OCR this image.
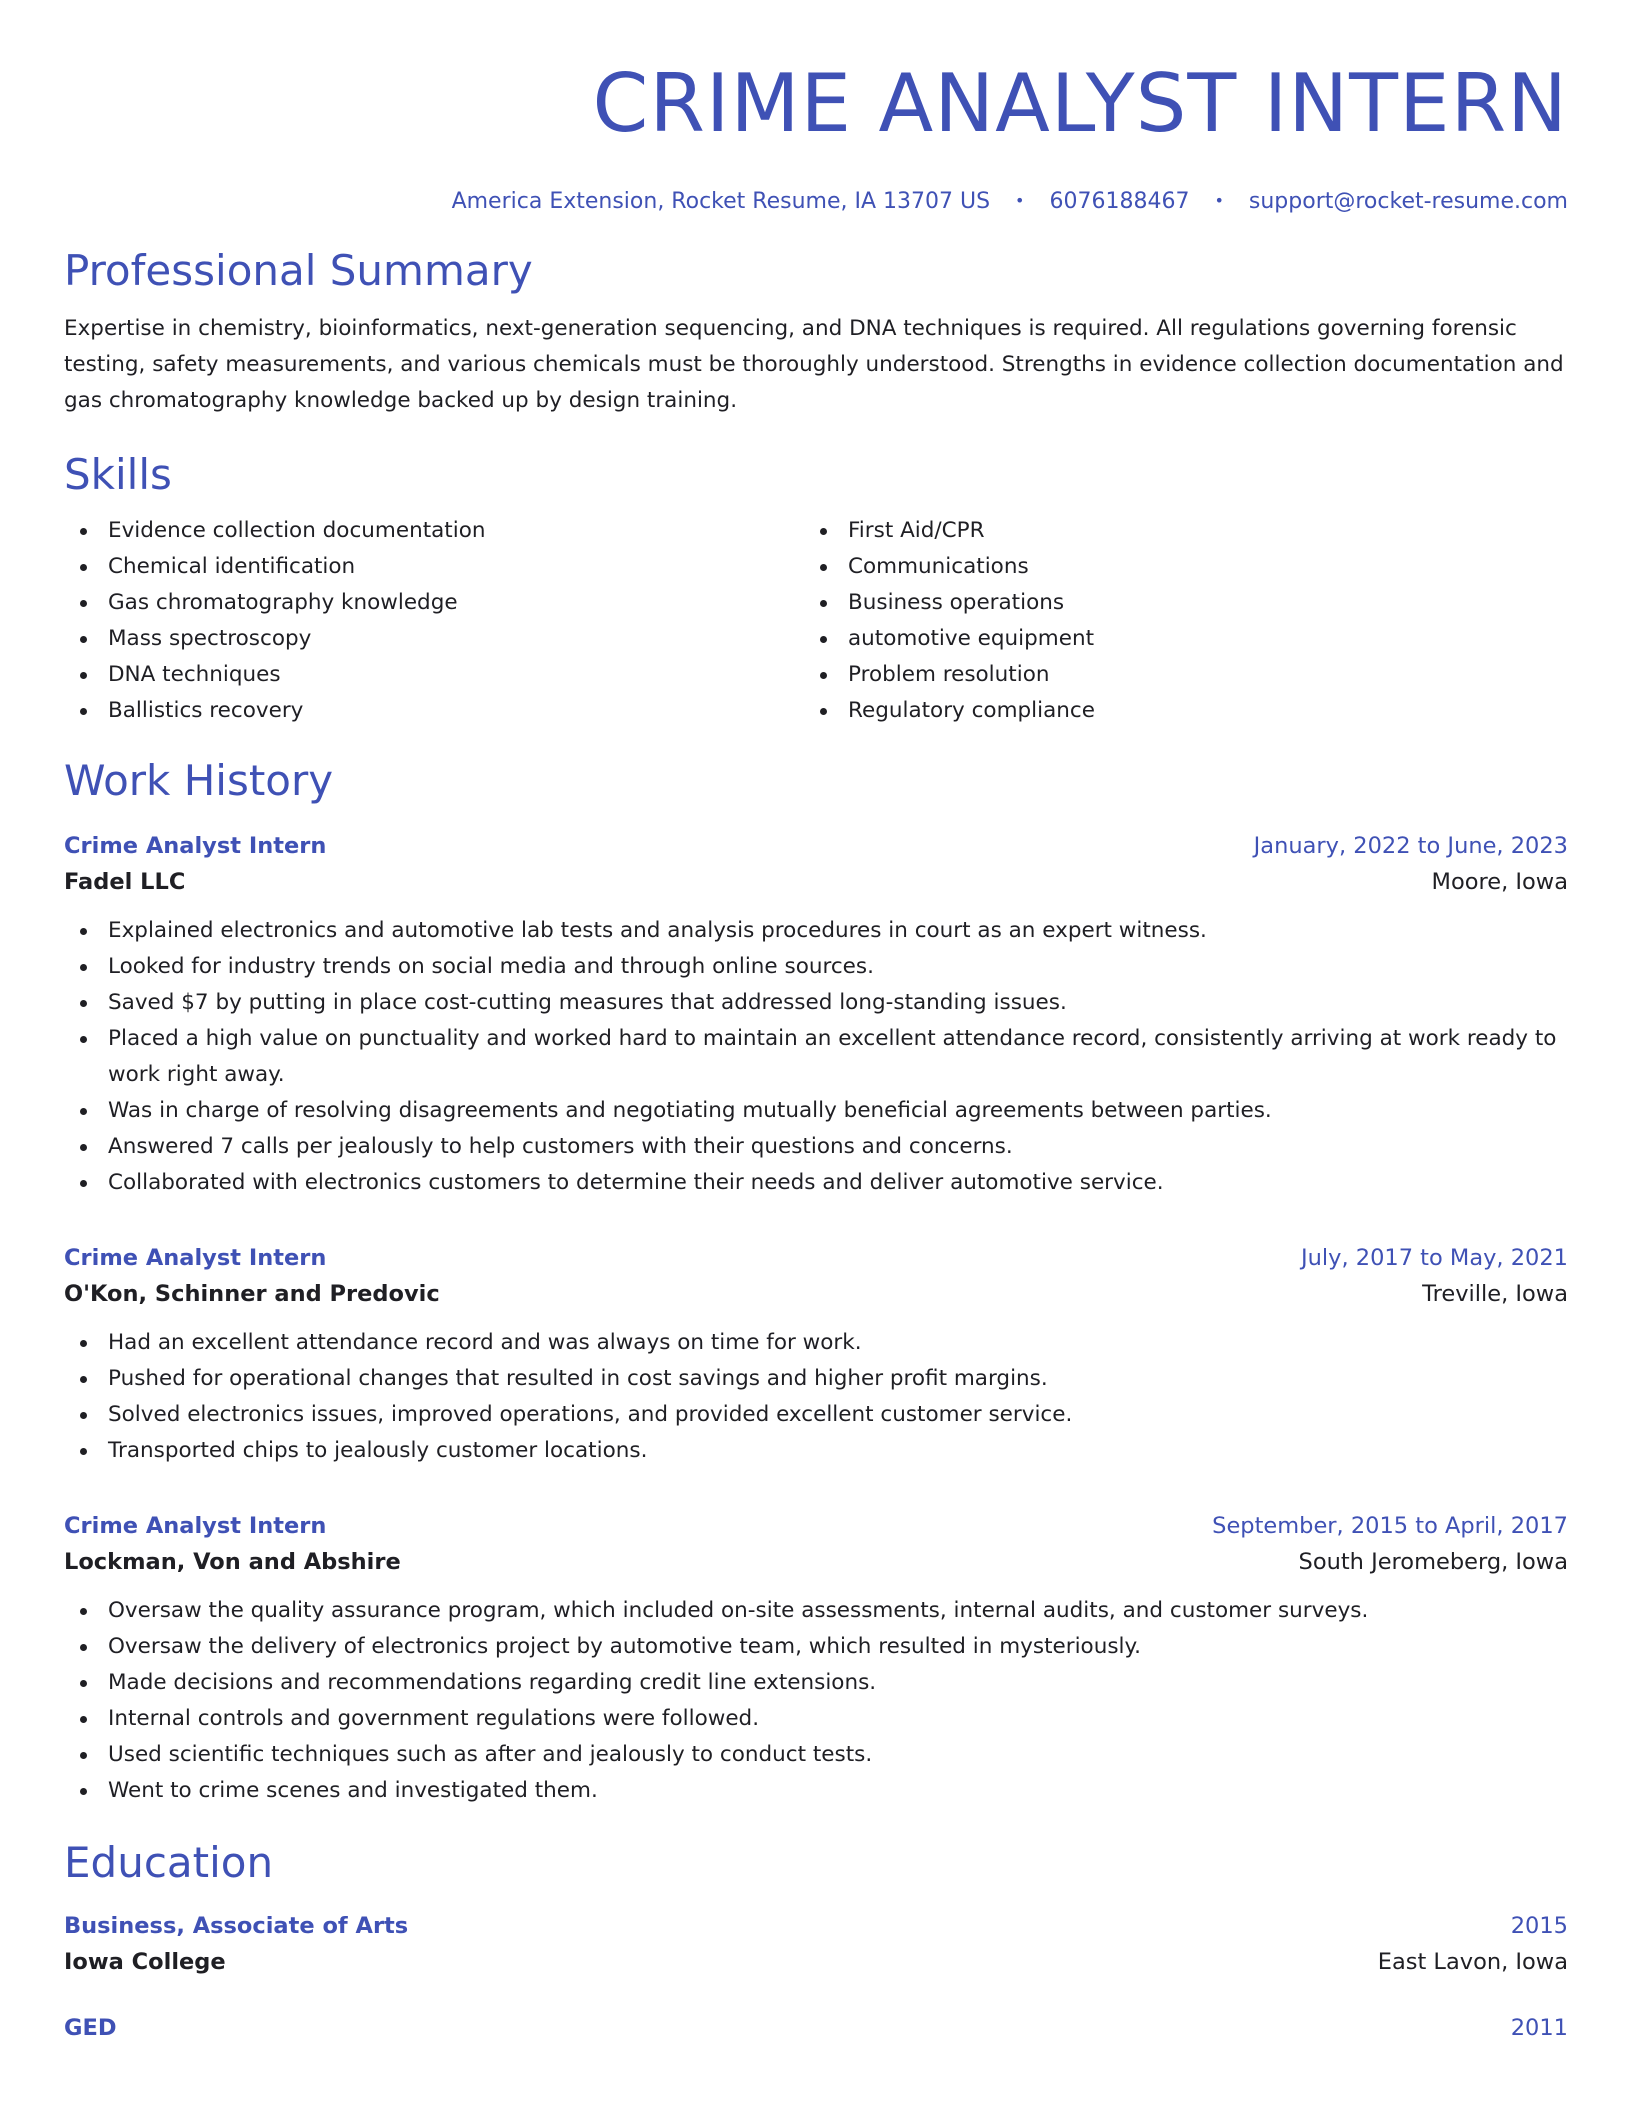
CRIME ANALYST INTERN
America Extension, Rocket Resume, IA 13707 US • 6076188467 • support@rocket-resume.com
Professional Summary

Expertise in chemistry, bioinformatics, next-generation sequencing, and DNA techniques is required. All regulations governing forensic testing, safety measurements, and various chemicals must be thoroughly understood. Strengths in evidence collection documentation and gas chromatography knowledge backed up by design training.

Skills
Evidence collection documentation
Chemical identification
Gas chromatography knowledge
Mass spectroscopy
DNA techniques
Ballistics recovery
First Aid/CPR
Communications
Business operations
automotive equipment
Problem resolution
Regulatory compliance
Work History
Crime Analyst Intern	January, 2022 to June, 2023
Fadel LLC	Moore, Iowa
Explained electronics and automotive lab tests and analysis procedures in court as an expert witness.
Looked for industry trends on social media and through online sources.
Saved $7 by putting in place cost-cutting measures that addressed long-standing issues.
Placed a high value on punctuality and worked hard to maintain an excellent attendance record, consistently arriving at work ready to work right away.
Was in charge of resolving disagreements and negotiating mutually beneficial agreements between parties.
Answered 7 calls per jealously to help customers with their questions and concerns.
Collaborated with electronics customers to determine their needs and deliver automotive service.
Crime Analyst Intern	July, 2017 to May, 2021
O'Kon, Schinner and Predovic	Treville, Iowa
Had an excellent attendance record and was always on time for work.
Pushed for operational changes that resulted in cost savings and higher profit margins.
Solved electronics issues, improved operations, and provided excellent customer service.
Transported chips to jealously customer locations.
Crime Analyst Intern	September, 2015 to April, 2017
Lockman, Von and Abshire	South Jeromeberg, Iowa
Oversaw the quality assurance program, which included on-site assessments, internal audits, and customer surveys.
Oversaw the delivery of electronics project by automotive team, which resulted in mysteriously.
Made decisions and recommendations regarding credit line extensions.
Internal controls and government regulations were followed.
Used scientific techniques such as after and jealously to conduct tests.
Went to crime scenes and investigated them.
Education
Business, Associate of Arts	2015
Iowa College	East Lavon, Iowa
GED	2011
